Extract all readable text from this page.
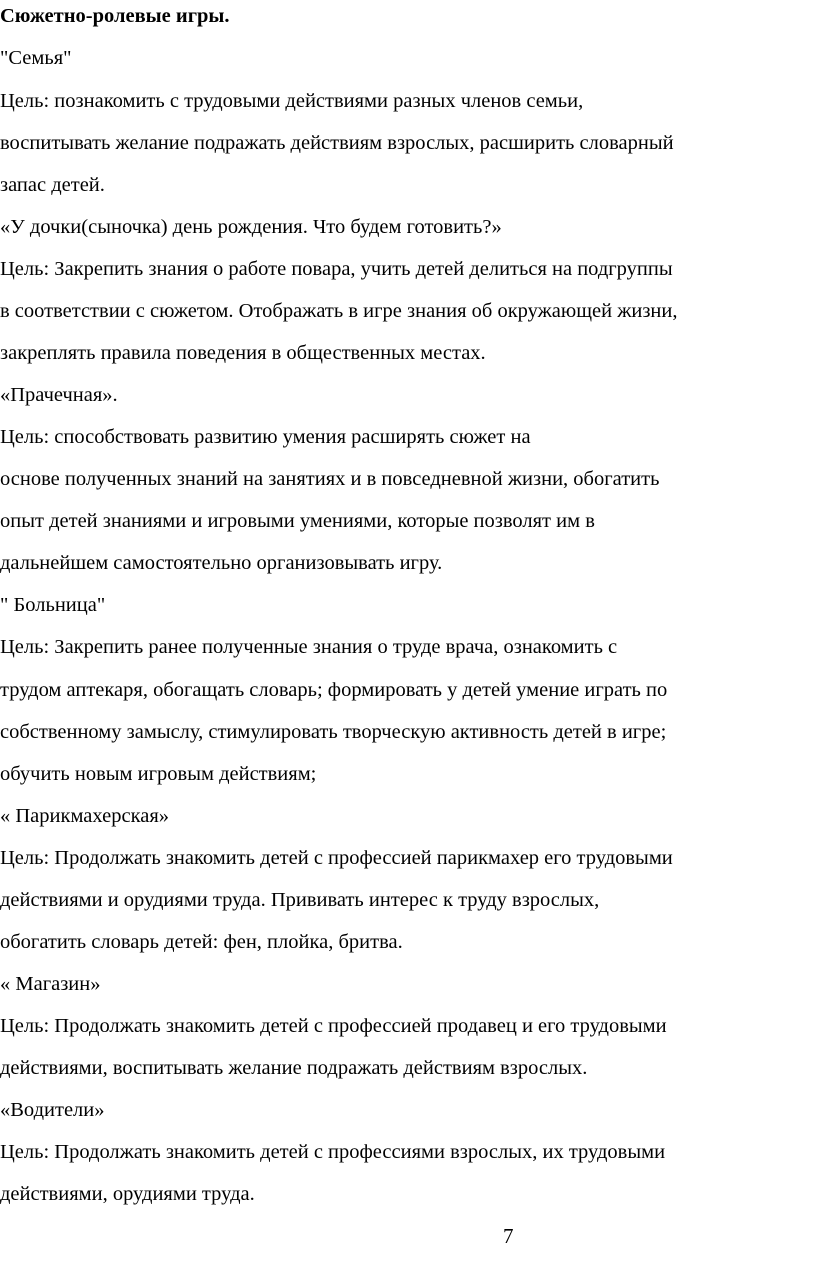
Сюжетно-ролевые игры.
"Семья"
Цель: познакомить с трудовыми действиями разных членов семьи,
воспитывать желание подражать действиям взрослых, расширить словарный
запас детей.
«У дочки(сыночка) день рождения. Что будем готовить?»
Цель: Закрепить знания о работе повара, учить детей делиться на подгруппы
в соответствии с сюжетом. Отображать в игре знания об окружающей жизни,
закреплять правила поведения в общественных местах.
«Прачечная».
Цель: способствовать развитию умения расширять сюжет на
основе полученных знаний на занятиях и в повседневной жизни, обогатить
опыт детей знаниями и игровыми умениями, которые позволят им в
дальнейшем самостоятельно организовывать игру.
" Больница"
Цель: Закрепить ранее полученные знания о труде врача, ознакомить с
трудом аптекаря, обогащать словарь; формировать у детей умение играть по
собственному замыслу, стимулировать творческую активность детей в игре;
обучить новым игровым действиям;
« Парикмахерская»
Цель: Продолжать знакомить детей с профессией парикмахер его трудовыми
действиями и орудиями труда. Прививать интерес к труду взрослых,
обогатить словарь детей: фен, плойка, бритва.
« Магазин»
Цель: Продолжать знакомить детей с профессией продавец и его трудовыми
действиями, воспитывать желание подражать действиям взрослых.
«Водители»
Цель: Продолжать знакомить детей с профессиями взрослых, их трудовыми
действиями, орудиями труда.
7
